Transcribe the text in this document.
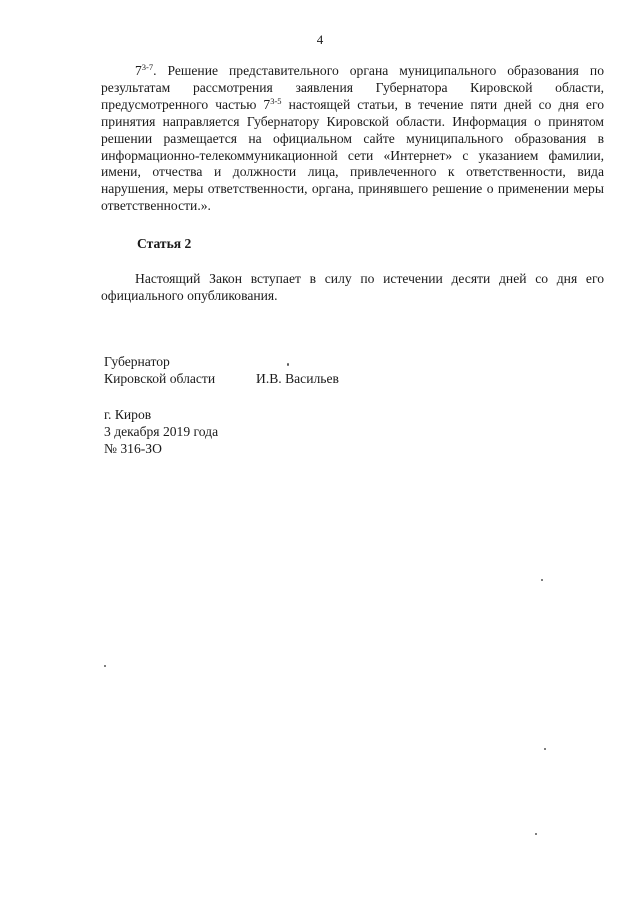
4

7$^{3-7}$. Решение представительного органа муниципального образования по результатам рассмотрения заявления Губернатора Кировской области, предусмотренного частью 7$^{3-5}$ настоящей статьи, в течение пяти дней со дня его принятия направляется Губернатору Кировской области. Информация о принятом решении размещается на официальном сайте муниципального образования в информационно-телекоммуникационной сети «Интернет» с указанием фамилии, имени, отчества и должности лица, привлеченного к ответственности, вида нарушения, меры ответственности, органа, принявшего решение о применении меры ответственности.».

Статья 2

Настоящий Закон вступает в силу по истечении десяти дней со дня его официального опубликования.

Губернатор
Кировской области	И.В. Васильев
г. Киров
3 декабря 2019 года
№ 316-ЗО
